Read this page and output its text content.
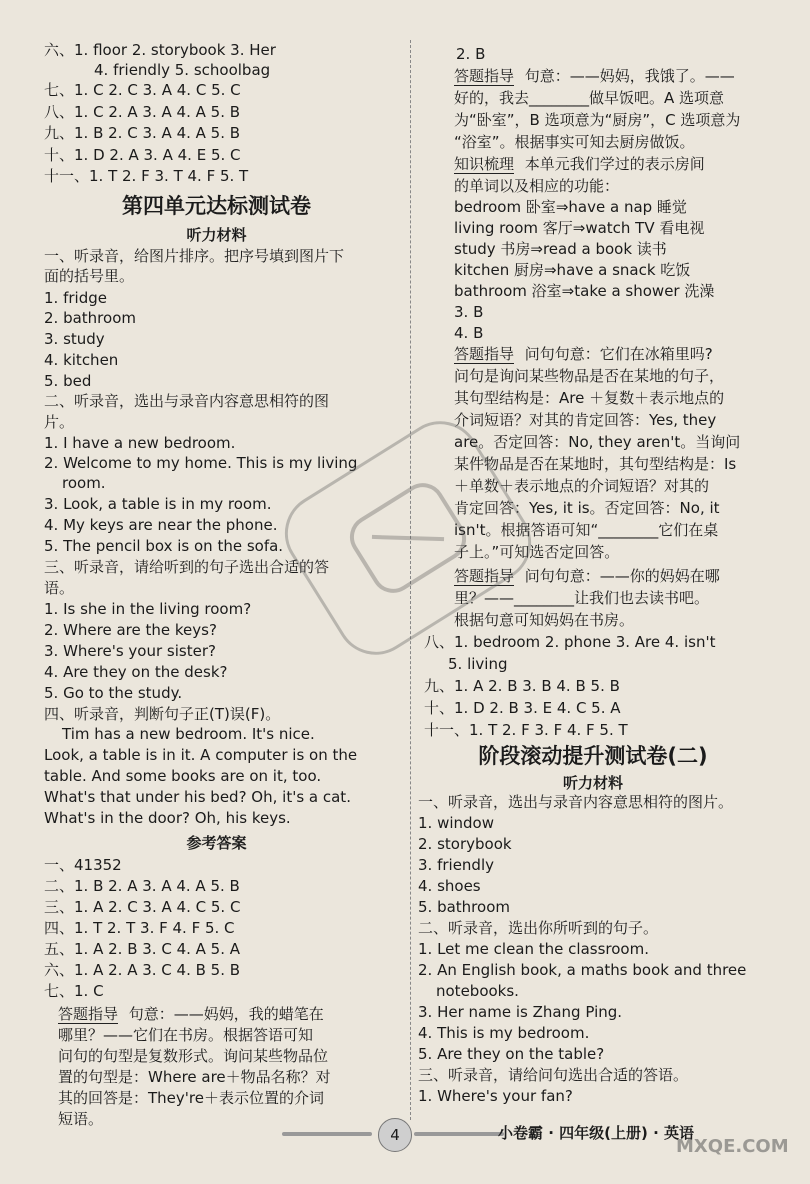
六、1. floor 2. storybook 3. Her
4. friendly 5. schoolbag
七、1. C 2. C 3. A 4. C 5. C
八、1. C 2. A 3. A 4. A 5. B
九、1. B 2. C 3. A 4. A 5. B
十、1. D 2. A 3. A 4. E 5. C
十一、1. T 2. F 3. T 4. F 5. T
第四单元达标测试卷
听力材料
一、听录音，给图片排序。把序号填到图片下
面的括号里。
1. fridge
2. bathroom
3. study
4. kitchen
5. bed
二、听录音，选出与录音内容意思相符的图
片。
1. I have a new bedroom.
2. Welcome to my home. This is my living
room.
3. Look, a table is in my room.
4. My keys are near the phone.
5. The pencil box is on the sofa.
三、听录音，请给听到的句子选出合适的答
语。
1. Is she in the living room?
2. Where are the keys?
3. Where's your sister?
4. Are they on the desk?
5. Go to the study.
四、听录音，判断句子正(T)误(F)。
Tim has a new bedroom. It's nice.
Look, a table is in it. A computer is on the
table. And some books are on it, too.
What's that under his bed? Oh, it's a cat.
What's in the door? Oh, his keys.
参考答案
一、41352
二、1. B 2. A 3. A 4. A 5. B
三、1. A 2. C 3. A 4. C 5. C
四、1. T 2. T 3. F 4. F 5. C
五、1. A 2. B 3. C 4. A 5. A
六、1. A 2. A 3. C 4. B 5. B
七、1. C
答题指导 句意：——妈妈，我的蜡笔在
哪里？——它们在书房。根据答语可知
问句的句型是复数形式。询问某些物品位
置的句型是：Where are＋物品名称？对
其的回答是：They're＋表示位置的介词
短语。
2. B
答题指导 句意：——妈妈，我饿了。——
好的，我去________做早饭吧。A 选项意
为“卧室”，B 选项意为“厨房”，C 选项意为
“浴室”。根据事实可知去厨房做饭。
知识梳理 本单元我们学过的表示房间
的单词以及相应的功能：
bedroom 卧室⇒have a nap 睡觉
living room 客厅⇒watch TV 看电视
study 书房⇒read a book 读书
kitchen 厨房⇒have a snack 吃饭
bathroom 浴室⇒take a shower 洗澡
3. B
4. B
答题指导 问句句意：它们在冰箱里吗?
问句是询问某些物品是否在某地的句子，
其句型结构是：Are ＋复数＋表示地点的
介词短语？对其的肯定回答：Yes, they
are。否定回答：No, they aren't。当询问
某件物品是否在某地时，其句型结构是：Is
＋单数＋表示地点的介词短语？对其的
肯定回答：Yes, it is。否定回答：No, it
isn't。根据答语可知“________它们在桌
子上。”可知选否定回答。
答题指导 问句句意：——你的妈妈在哪
里？——________让我们也去读书吧。
根据句意可知妈妈在书房。
八、1. bedroom 2. phone 3. Are 4. isn't
5. living
九、1. A 2. B 3. B 4. B 5. B
十、1. D 2. B 3. E 4. C 5. A
十一、1. T 2. F 3. F 4. F 5. T
阶段滚动提升测试卷(二)
听力材料
一、听录音，选出与录音内容意思相符的图片。
1. window
2. storybook
3. friendly
4. shoes
5. bathroom
二、听录音，选出你所听到的句子。
1. Let me clean the classroom.
2. An English book, a maths book and three
notebooks.
3. Her name is Zhang Ping.
4. This is my bedroom.
5. Are they on the table?
三、听录音，请给问句选出合适的答语。
1. Where's your fan?
4	小卷霸 · 四年级(上册) · 英语
MXQE.COM
